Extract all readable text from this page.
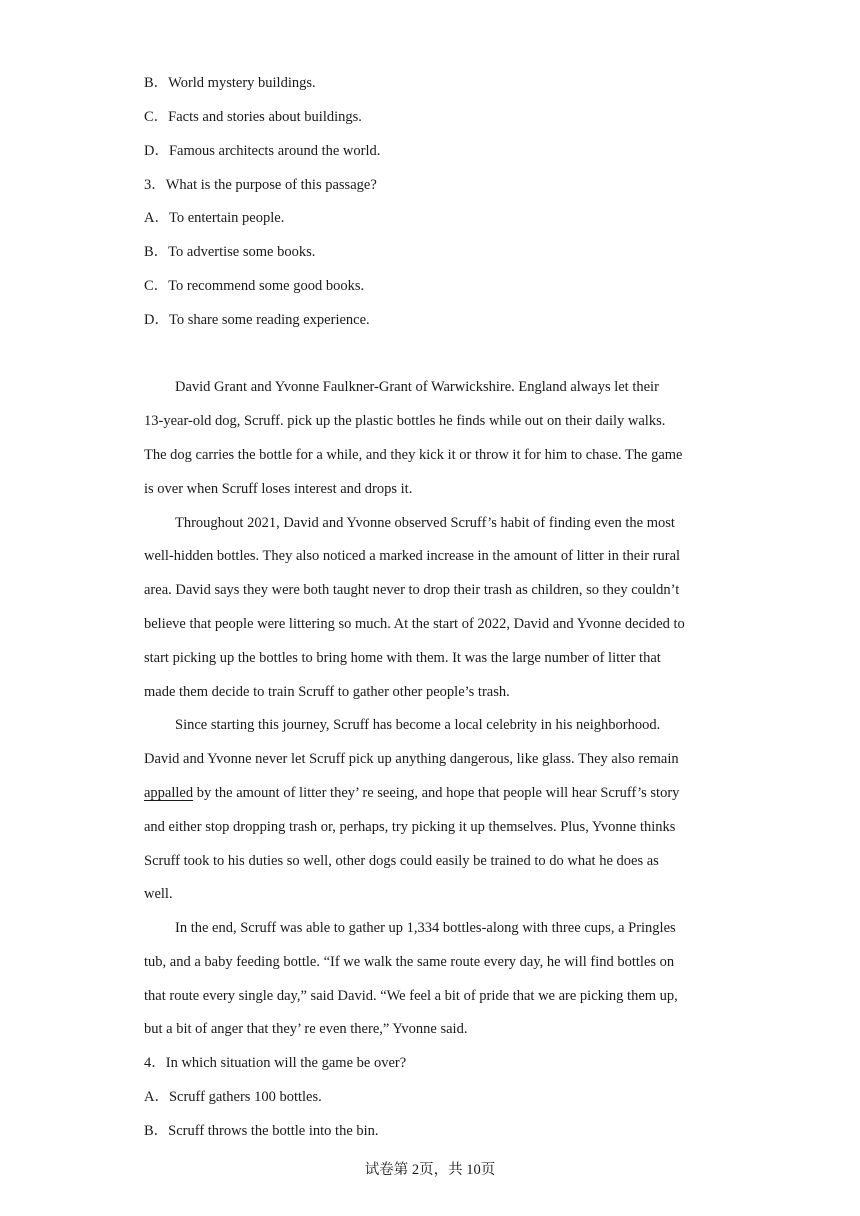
B．World mystery buildings.
C．Facts and stories about buildings.
D．Famous architects around the world.
3．What is the purpose of this passage?
A．To entertain people.
B．To advertise some books.
C．To recommend some good books.
D．To share some reading experience.
David Grant and Yvonne Faulkner-Grant of Warwickshire. England always let their
13-year-old dog, Scruff. pick up the plastic bottles he finds while out on their daily walks.
The dog carries the bottle for a while, and they kick it or throw it for him to chase. The game
is over when Scruff loses interest and drops it.
Throughout 2021, David and Yvonne observed Scruff’s habit of finding even the most
well-hidden bottles. They also noticed a marked increase in the amount of litter in their rural
area. David says they were both taught never to drop their trash as children, so they couldn’t
believe that people were littering so much. At the start of 2022, David and Yvonne decided to
start picking up the bottles to bring home with them. It was the large number of litter that
made them decide to train Scruff to gather other people’s trash.
Since starting this journey, Scruff has become a local celebrity in his neighborhood.
David and Yvonne never let Scruff pick up anything dangerous, like glass. They also remain
appalled by the amount of litter they’ re seeing, and hope that people will hear Scruff’s story
and either stop dropping trash or, perhaps, try picking it up themselves. Plus, Yvonne thinks
Scruff took to his duties so well, other dogs could easily be trained to do what he does as
well.
In the end, Scruff was able to gather up 1,334 bottles-along with three cups, a Pringles
tub, and a baby feeding bottle. “If we walk the same route every day, he will find bottles on
that route every single day,” said David. “We feel a bit of pride that we are picking them up,
but a bit of anger that they’ re even there,” Yvonne said.
4．In which situation will the game be over?
A．Scruff gathers 100 bottles.
B．Scruff throws the bottle into the bin.
试卷第 2页，共 10页
